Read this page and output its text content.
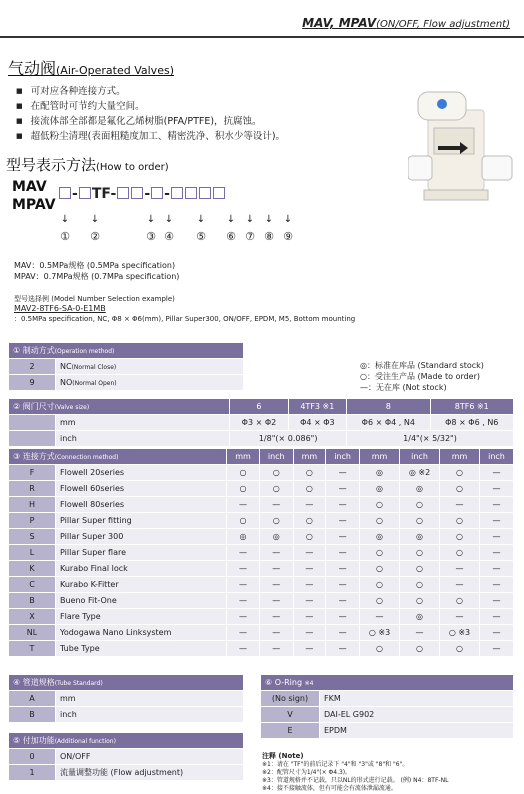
MAV, MPAV(ON/OFF, Flow adjustment)
气动阀(Air-Operated Valves)
■ 可对应各种连接方式。
■ 在配管时可节约大量空间。
■ 接流体部全部都是氟化乙烯树脂(PFA/PTFE)，抗腐蚀。
■ 超低粉尘清理(表面粗糙度加工、精密洗净、积水少等设计)。
型号表示方法(How to order)
MAV
MPAV
- TF- - -
↓ ↓	↓ ↓ ↓ ↓ ↓ ↓ ↓
① ②	③ ④ ⑤ ⑥ ⑦ ⑧ ⑨
MAV：0.5MPa规格 (0.5MPa specification)
MPAV：0.7MPa规格 (0.7MPa specification)
型号选择例 (Model Number Selection example)
MAV2-8TF6-SA-0-E1MB
：0.5MPa specification, NC, Φ8 × Φ6(mm), Pillar Super300, ON/OFF, EPDM, M5, Bottom mounting
① 制动方式(Operation method)	
2	NC(Normal Close)
9	NO(Normal Open)
◎：标准在库品 (Standard stock)
○：受注生产品 (Made to order)
—：无在库 (Not stock)
② 阀门尺寸(Valve size)		6	4TF3 ※1	8	8TF6 ※1
	mm	Φ3 × Φ2	Φ4 × Φ3	Φ6 × Φ4 , N4	Φ8 × Φ6 , N6
	inch	1/8"(× 0.086")		1/4"(× 5/32")	
③ 连接方式(Connection method)		mm	inch	mm	inch	mm	inch	mm	inch
F	Flowell 20series	○	○	○	—	◎	◎ ※2	○	—
R	Flowell 60series	○	○	○	—	◎	◎	○	—
H	Flowell 80series	—	—	—	—	○	○	—	—
P	Pillar Super fitting	○	○	○	—	○	○	○	—
S	Pillar Super 300	◎	◎	○	—	◎	◎	○	—
L	Pillar Super flare	—	—	—	—	○	○	○	—
K	Kurabo Final lock	—	—	—	—	○	○	—	—
C	Kurabo K-Fitter	—	—	—	—	○	○	—	—
B	Bueno Fit-One	—	—	—	—	○	○	○	—
X	Flare Type	—	—	—	—	—	◎	—	—
NL	Yodogawa Nano Linksystem	—	—	—	—	○ ※3	—	○ ※3	—
T	Tube Type	—	—	—	—	○	○	○	—
④ 管道规格(Tube Standard)	
A	mm
B	inch
⑤ 付加功能(Additional function)	
0	ON/OFF
1	流量调整功能 (Flow adjustment)
⑥ O-Ring ※4	
(No sign)	FKM
V	DAI-EL G902
E	EPDM
注释 (Note)
※1：请在 "TF"的前后记录下 "4"和 "3"或 "8"和 "6"。
※2：配管尺寸为1/4"(× Φ4.3)。
※3：管道规格并不记载，只以NL的形式进行记载。 (例) N4：8TF-NL
※4：接不接触流体，但有可能会有流体泄漏流通。
